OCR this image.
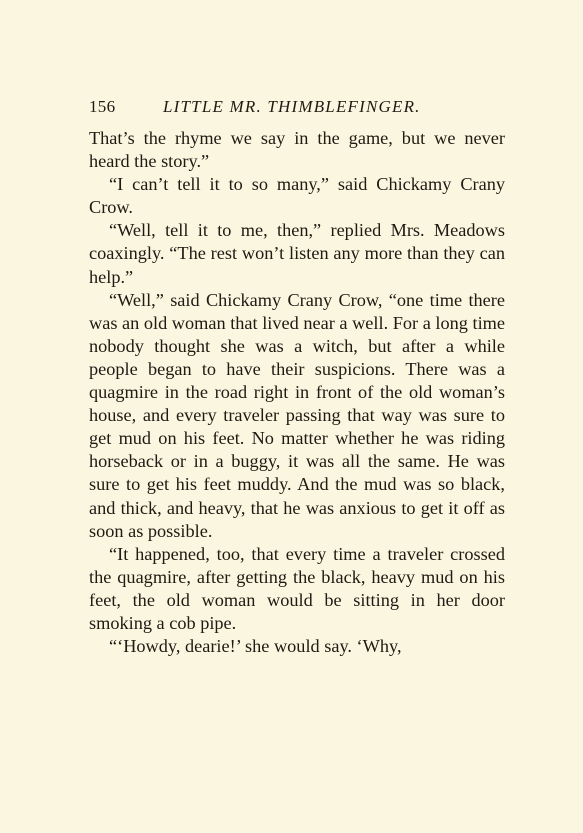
156	LITTLE MR. THIMBLEFINGER.

That’s the rhyme we say in the game, but we never heard the story.”

“I can’t tell it to so many,” said Chickamy Crany Crow.

“Well, tell it to me, then,” replied Mrs. Meadows coaxingly. “The rest won’t listen any more than they can help.”

“Well,” said Chickamy Crany Crow, “one time there was an old woman that lived near a well. For a long time nobody thought she was a witch, but after a while people began to have their suspicions. There was a quagmire in the road right in front of the old woman’s house, and every traveler passing that way was sure to get mud on his feet. No matter whether he was riding horseback or in a buggy, it was all the same. He was sure to get his feet muddy. And the mud was so black, and thick, and heavy, that he was anxious to get it off as soon as possible.

“It happened, too, that every time a traveler crossed the quagmire, after getting the black, heavy mud on his feet, the old woman would be sitting in her door smoking a cob pipe.

“‘Howdy, dearie!’ she would say. ‘Why,
